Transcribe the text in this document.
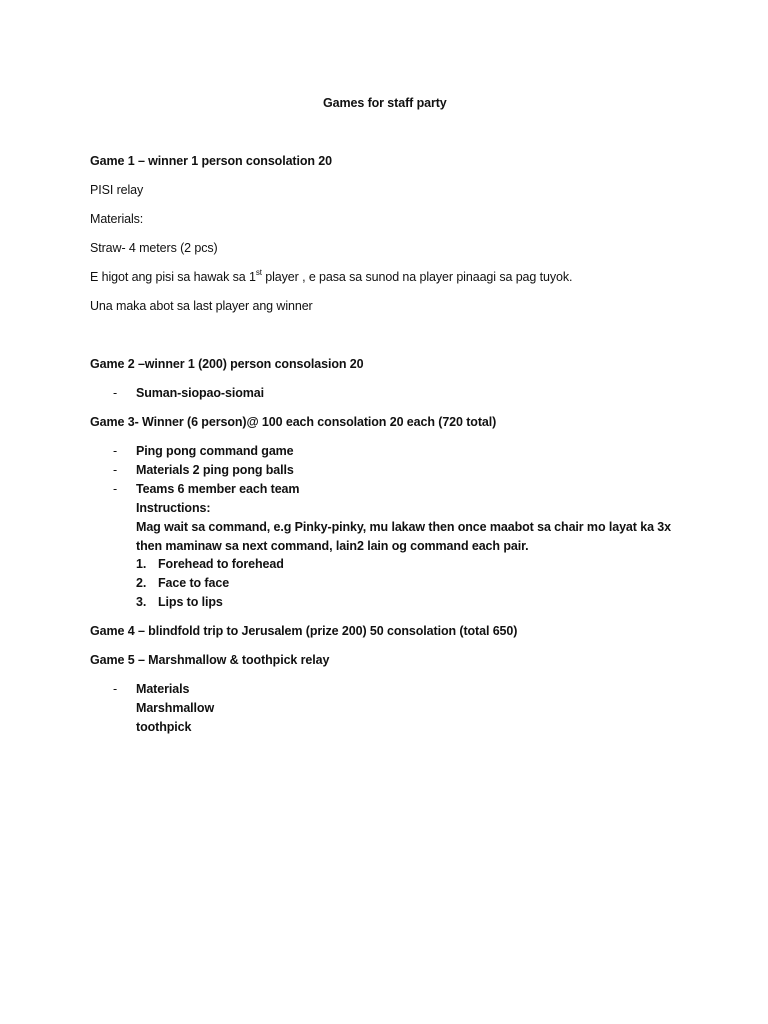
Games for staff party
Game 1 – winner 1 person consolation 20
PISI relay
Materials:
Straw- 4 meters (2 pcs)
E higot ang pisi sa hawak sa 1st player , e pasa sa sunod na player pinaagi sa pag tuyok.
Una maka abot sa last player ang winner
Game 2 –winner 1 (200) person consolasion 20
- Suman-siopao-siomai
Game 3- Winner (6 person)@ 100 each consolation 20 each (720 total)
- Ping pong command game
- Materials 2 ping pong balls
- Teams 6 member each team
Instructions:
Mag wait sa command, e.g Pinky-pinky, mu lakaw then once maabot sa chair mo layat ka 3x
then maminaw sa next command, lain2 lain og command each pair.
1. Forehead to forehead
2. Face to face
3. Lips to lips
Game 4 – blindfold trip to Jerusalem (prize 200) 50 consolation (total 650)
Game 5 – Marshmallow & toothpick relay
- Materials
Marshmallow
toothpick
